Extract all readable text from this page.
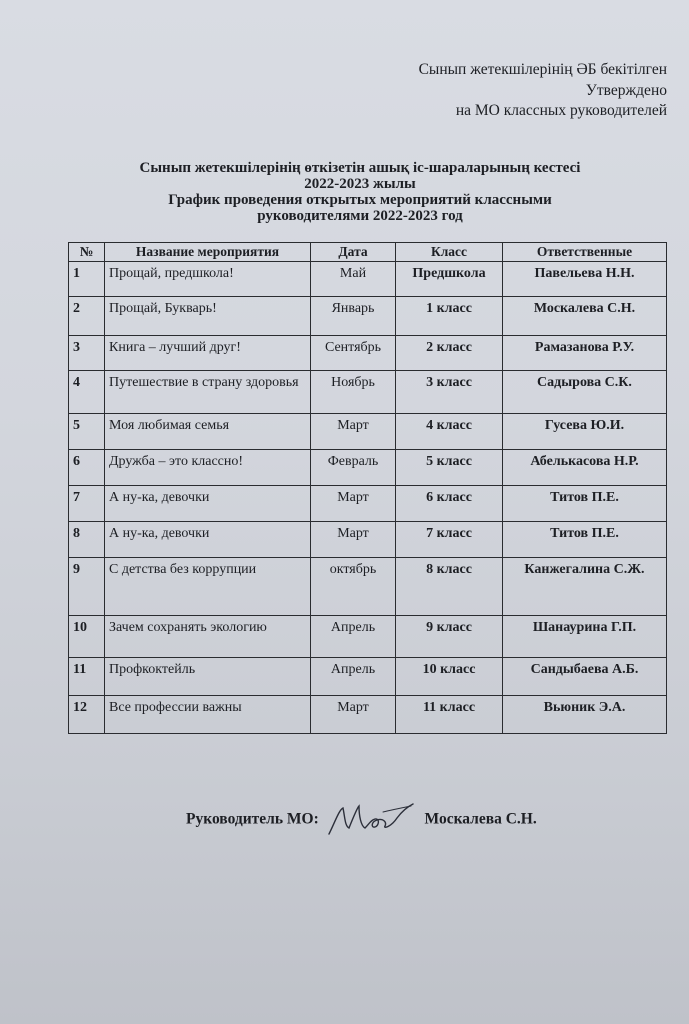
Сынып жетекшілерінің ӘБ бекітілген
Утверждено
на МО классных руководителей
Сынып жетекшілерінің өткізетін ашық іс-шараларының кестесі
2022-2023 жылы
График проведения открытых мероприятий классными
руководителями 2022-2023 год
№	Название мероприятия	Дата	Класс	Ответственные
1	Прощай, предшкола!	Май	Предшкола	Павельева Н.Н.
2	Прощай, Букварь!	Январь	1 класс	Москалева С.Н.
3	Книга – лучший друг!	Сентябрь	2 класс	Рамазанова Р.У.
4	Путешествие в страну здоровья	Ноябрь	3 класс	Садырова С.К.
5	Моя любимая семья	Март	4 класс	Гусева Ю.И.
6	Дружба – это классно!	Февраль	5 класс	Абелькасова Н.Р.
7	А ну-ка, девочки	Март	6 класс	Титов П.Е.
8	А ну-ка, девочки	Март	7 класс	Титов П.Е.
9	С детства без коррупции	октябрь	8 класс	Канжегалина С.Ж.
10	Зачем сохранять экологию	Апрель	9 класс	Шанаурина Г.П.
11	Профкоктейль	Апрель	10 класс	Сандыбаева А.Б.
12	Все профессии важны	Март	11 класс	Вьюник Э.А.
Руководитель МО:	Москалева С.Н.
